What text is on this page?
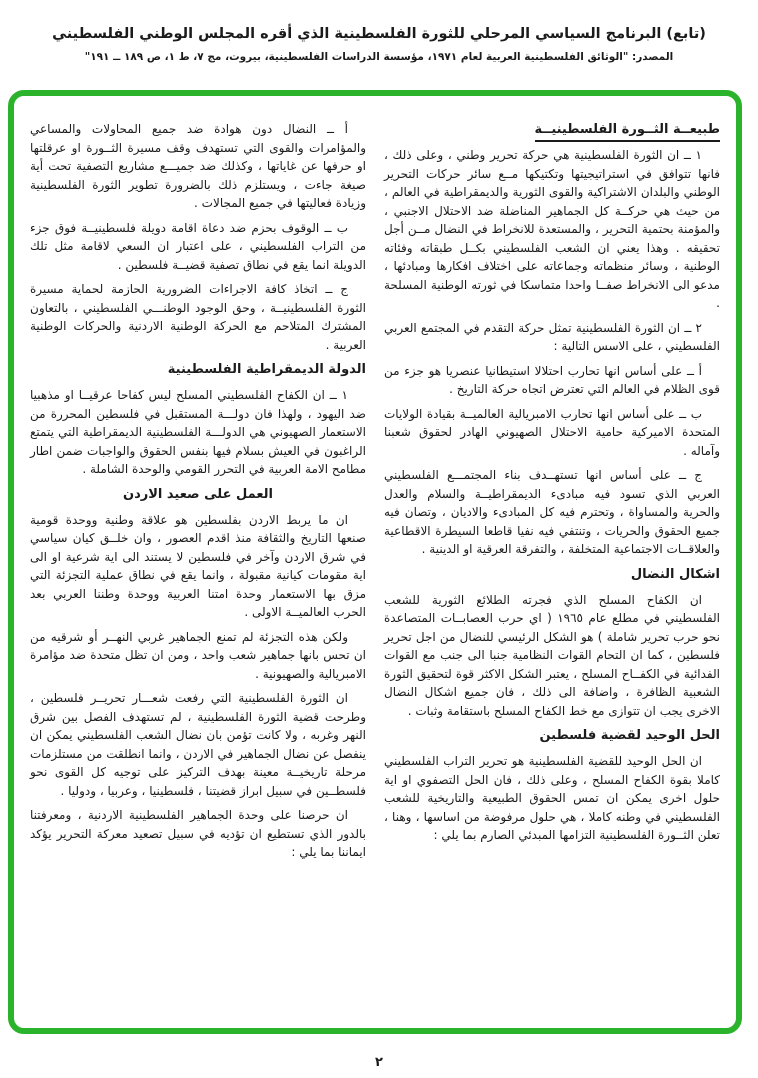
(تابع) البرنامج السياسي المرحلي للثورة الفلسطينية الذي أقره المجلس الوطني الفلسطيني
المصدر: "الوثائق الفلسطينية العربية لعام ١٩٧١، مؤسسة الدراسات الفلسطينية، بيروت، مج ٧، ط ١، ص ١٨٩ ــ ١٩١"
طبيعــة الثــورة الفلسطينيــة

١ ــ ان الثورة الفلسطينية هي حركة تحرير وطني ، وعلى ذلك ، فانها تتوافق في استراتيجيتها وتكتيكها مــع سائر حركات التحرير الوطني والبلدان الاشتراكية والقوى الثورية والديمقراطية في العالم ، من حيث هي حركــة كل الجماهير المناضلة ضد الاحتلال الاجنبي ، والمؤمنة بحتمية التحرير ، والمستعدة للانخراط في النضال مــن أجل تحقيقه . وهذا يعني ان الشعب الفلسطيني بكــل طبقاته وفئاته الوطنية ، وسائر منظماته وجماعاته على اختلاف افكارها ومبادئها ، مدعو الى الانخراط صفــا واحدا متماسكا في ثورته الوطنية المسلحة .

٢ ــ ان الثورة الفلسطينية تمثل حركة التقدم في المجتمع العربي الفلسطيني ، على الاسس التالية :

أ ــ على أساس انها تحارب احتلالا استيطانيا عنصريا هو جزء من قوى الظلام في العالم التي تعترض اتجاه حركة التاريخ .

ب ــ على أساس انها تحارب الامبريالية العالميــة بقيادة الولايات المتحدة الاميركية حامية الاحتلال الصهيوني الهادر لحقوق شعبنا وآماله .

ج ــ على أساس انها تستهــدف بناء المجتمـــع الفلسطيني العربي الذي تسود فيه مبادىء الديمقراطيــة والسلام والعدل والحرية والمساواة ، وتحترم فيه كل المبادىء والاديان ، وتصان فيه جميع الحقوق والحريات ، وتنتفي فيه نفيا قاطعا السيطرة الاقطاعية والعلاقــات الاجتماعية المتخلفة ، والتفرقة العرقية او الدينية .

اشكال النضال

ان الكفاح المسلح الذي فجرته الطلائع الثورية للشعب الفلسطيني في مطلع عام ١٩٦٥ ( اي حرب العصابــات المتصاعدة نحو حرب تحرير شاملة ) هو الشكل الرئيسي للنضال من اجل تحرير فلسطين ، كما ان التحام القوات النظامية جنبا الى جنب مع القوات الفدائية في الكفــاح المسلح ، يعتبر الشكل الاكثر قوة لتحقيق الثورة الشعبية الظافرة ، واضافة الى ذلك ، فان جميع اشكال النضال الاخرى يجب ان تتوازى مع خط الكفاح المسلح باستقامة وثبات .

الحل الوحيد لقضية فلسطين

ان الحل الوحيد للقضية الفلسطينية هو تحرير التراب الفلسطيني كاملا بقوة الكفاح المسلح ، وعلى ذلك ، فان الحل التصفوي او اية حلول اخرى يمكن ان تمس الحقوق الطبيعية والتاريخية للشعب الفلسطيني في وطنه كاملا ، هي حلول مرفوضة من اساسها ، وهنا ، تعلن الثــورة الفلسطينية التزامها المبدئي الصارم بما يلي :

أ ــ النضال دون هوادة ضد جميع المحاولات والمساعي والمؤامرات والقوى التي تستهدف وقف مسيرة الثــورة او عرقلتها او حرفها عن غاياتها ، وكذلك ضد جميـــع مشاريع التصفية تحت أية صيغة جاءت ، ويستلزم ذلك بالضرورة تطوير الثورة الفلسطينية وزيادة فعاليتها في جميع المجالات .

ب ــ الوقوف بحزم ضد دعاة اقامة دويلة فلسطينيــة فوق جزء من التراب الفلسطيني ، على اعتبار ان السعي لاقامة مثل تلك الدويلة انما يقع في نطاق تصفية قضيــة فلسطين .

ج ــ اتخاذ كافة الاجراءات الضرورية الحازمة لحماية مسيرة الثورة الفلسطينيــة ، وحق الوجود الوطنـــي الفلسطيني ، بالتعاون المشترك المتلاحم مع الحركة الوطنية الاردنية والحركات الوطنية العربية .

الدولة الديمقراطية الفلسطينية

١ ــ ان الكفاح الفلسطيني المسلح ليس كفاحا عرقيــا او مذهبيا ضد اليهود ، ولهذا فان دولـــة المستقبل في فلسطين المحررة من الاستعمار الصهيوني هي الدولـــة الفلسطينية الديمقراطية التي يتمتع الراغبون في العيش بسلام فيها بنفس الحقوق والواجبات ضمن اطار مطامح الامة العربية في التحرر القومي والوحدة الشاملة .

العمل على صعيد الاردن

ان ما يربط الاردن بفلسطين هو علاقة وطنية ووحدة قومية صنعها التاريخ والثقافة منذ اقدم العصور ، وان خلــق كيان سياسي في شرق الاردن وآخر في فلسطين لا يستند الى اية شرعية او الى اية مقومات كيانية مقبولة ، وانما يقع في نطاق عملية التجزئة التي مزق بها الاستعمار وحدة امتنا العربية ووحدة وطننا العربي بعد الحرب العالميــة الاولى .

ولكن هذه التجزئة لم تمنع الجماهير غربي النهــر أو شرقيه من ان تحس بانها جماهير شعب واحد ، ومن ان تظل متحدة ضد مؤامرة الامبريالية والصهيونية .

ان الثورة الفلسطينية التي رفعت شعـــار تحريــر فلسطين ، وطرحت قضية الثورة الفلسطينية ، لم تستهدف الفصل بين شرق النهر وغربه ، ولا كانت تؤمن بان نضال الشعب الفلسطيني يمكن ان ينفصل عن نضال الجماهير في الاردن ، وانما انطلقت من مستلزمات مرحلة تاريخيــة معينة بهدف التركيز على توجيه كل القوى نحو فلسطــين في سبيل ابراز قضيتنا ، فلسطينيا ، وعربيا ، ودوليا .

ان حرصنا على وحدة الجماهير الفلسطينية الاردنية ، ومعرفتنا بالدور الذي تستطيع ان تؤديه في سبيل تصعيد معركة التحرير يؤكد ايماننا بما يلي :

٢
